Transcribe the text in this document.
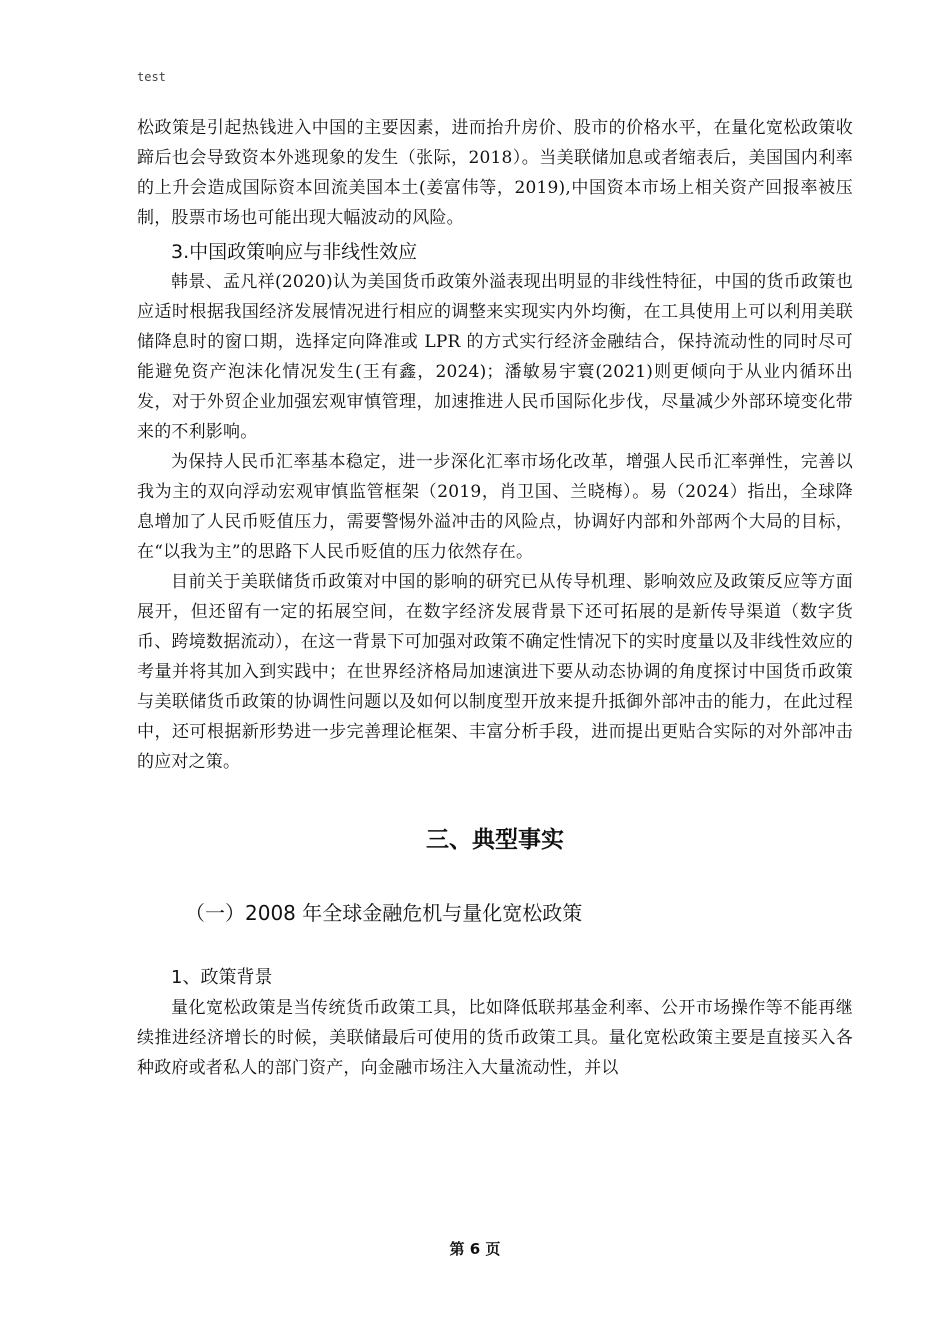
test

松政策是引起热钱进入中国的主要因素，进而抬升房价、股市的价格水平，在量化宽松政策收蹄后也会导致资本外逃现象的发生（张际，2018）。当美联储加息或者缩表后，美国国内利率的上升会造成国际资本回流美国本土(姜富伟等，2019),中国资本市场上相关资产回报率被压制，股票市场也可能出现大幅波动的风险。

3.中国政策响应与非线性效应

韩景、孟凡祥(2020)认为美国货币政策外溢表现出明显的非线性特征，中国的货币政策也应适时根据我国经济发展情况进行相应的调整来实现实内外均衡，在工具使用上可以利用美联储降息时的窗口期，选择定向降准或 LPR 的方式实行经济金融结合，保持流动性的同时尽可能避免资产泡沫化情况发生(王有鑫，2024)；潘敏易宇寰(2021)则更倾向于从业内循环出发，对于外贸企业加强宏观审慎管理，加速推进人民币国际化步伐，尽量减少外部环境变化带来的不利影响。

为保持人民币汇率基本稳定，进一步深化汇率市场化改革，增强人民币汇率弹性，完善以我为主的双向浮动宏观审慎监管框架（2019，肖卫国、兰晓梅）。易（2024）指出，全球降息增加了人民币贬值压力，需要警惕外溢冲击的风险点，协调好内部和外部两个大局的目标，在“以我为主”的思路下人民币贬值的压力依然存在。

目前关于美联储货币政策对中国的影响的研究已从传导机理、影响效应及政策反应等方面展开，但还留有一定的拓展空间，在数字经济发展背景下还可拓展的是新传导渠道（数字货币、跨境数据流动），在这一背景下可加强对政策不确定性情况下的实时度量以及非线性效应的考量并将其加入到实践中；在世界经济格局加速演进下要从动态协调的角度探讨中国货币政策与美联储货币政策的协调性问题以及如何以制度型开放来提升抵御外部冲击的能力，在此过程中，还可根据新形势进一步完善理论框架、丰富分析手段，进而提出更贴合实际的对外部冲击的应对之策。

三、典型事实
（一）2008 年全球金融危机与量化宽松政策
1、政策背景

量化宽松政策是当传统货币政策工具，比如降低联邦基金利率、公开市场操作等不能再继续推进经济增长的时候，美联储最后可使用的货币政策工具。量化宽松政策主要是直接买入各种政府或者私人的部门资产，向金融市场注入大量流动性，并以

第 6 页
